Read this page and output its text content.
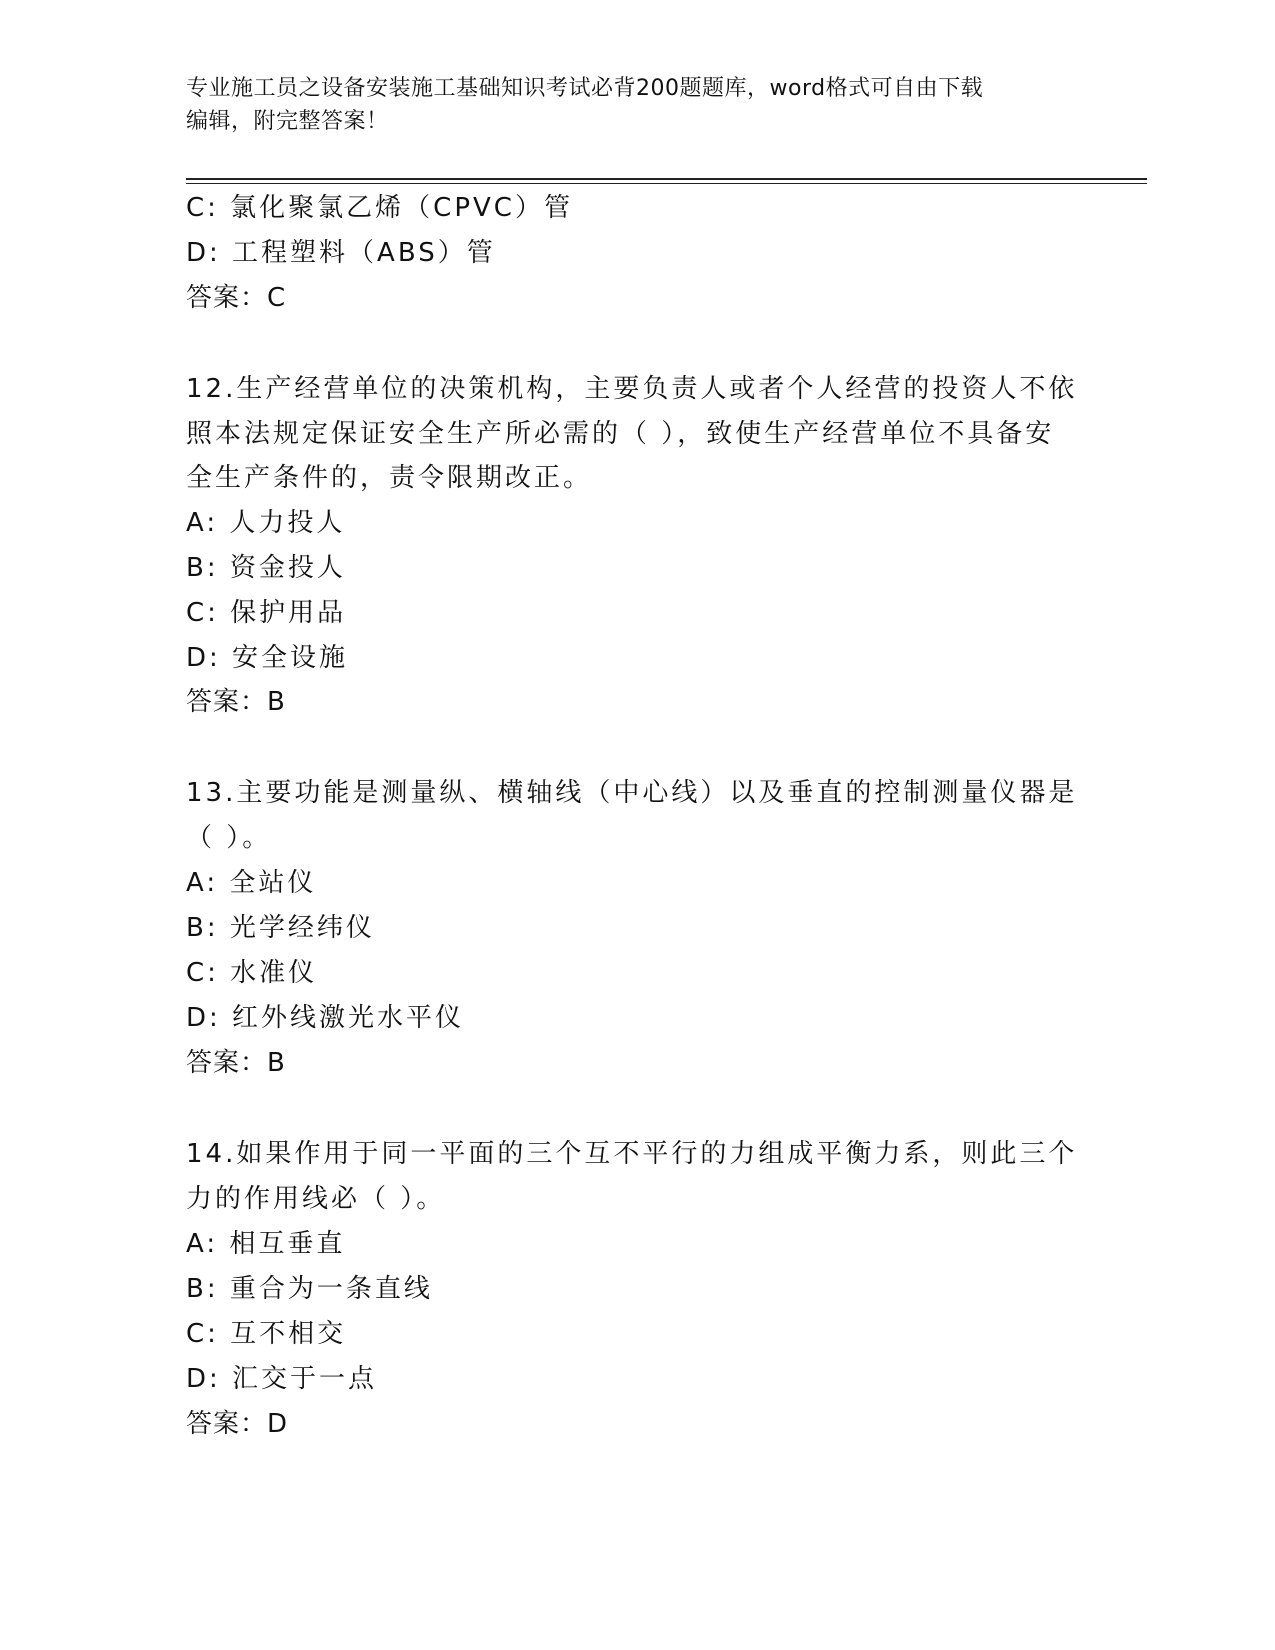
专业施工员之设备安装施工基础知识考试必背200题题库，word格式可自由下载
编辑，附完整答案！
C: 氯化聚氯乙烯（CPVC）管
D: 工程塑料（ABS）管
答案：C
12.生产经营单位的决策机构，主要负责人或者个人经营的投资人不依
照本法规定保证安全生产所必需的（ ），致使生产经营单位不具备安
全生产条件的，责令限期改正。
A: 人力投人
B: 资金投人
C: 保护用品
D: 安全设施
答案：B
13.主要功能是测量纵、横轴线（中心线）以及垂直的控制测量仪器是
（ ）。
A: 全站仪
B: 光学经纬仪
C: 水准仪
D: 红外线激光水平仪
答案：B
14.如果作用于同一平面的三个互不平行的力组成平衡力系，则此三个
力的作用线必（ ）。
A: 相互垂直
B: 重合为一条直线
C: 互不相交
D: 汇交于一点
答案：D
